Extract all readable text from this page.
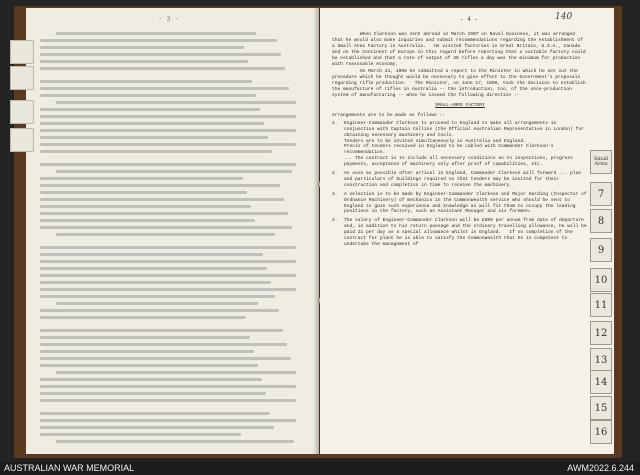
- 3 -	- 4 -	140

When Clarkson was sent abroad in March 1907 on Naval business, it was arranged that he would also make inquiries and submit recommendations regarding the establishment of a Small Arms Factory in Australia.   He visited factories in Great Britain, U.S.A., Canada and on the Continent of Europe in this regard before reporting that a suitable factory could be established and that a rate of output of 30 rifles a day was the minimum for production with reasonable economy.

On March 31, 1908 he submitted a report to the Minister in which he set out the procedure which he thought would be necessary to give effect to the Government's proposals regarding rifle production.   The Minister, on June 17, 1908, took the decision to establish the manufacture of rifles in Australia -- the introduction, too, of the once-production system of manufacturing -- when he issued the following direction :-

SMALL-ARMS FACTORY

Arrangements are to be made as follows :-

1. Engineer-Commander Clarkson to proceed to England to make all arrangements in conjunction with Captain Collins (the Official Australian Representative in London) for obtaining necessary machinery and tools.
Tenders are to be invited simultaneously in Australia and England.
Precis of tenders received in England to be cabled with Commander Clarkson's recommendation.
... The contract is to include all necessary conditions as to inspections, progress payments, acceptance of machinery only after proof of capabilities, etc.

2. As soon as possible after arrival in England, Commander Clarkson will forward ... plan and particulars of buildings required so that tenders may be invited for their construction and completion in time to receive the machinery.

3. A selection is to be made by Engineer-Commander Clarkson and Major Harding (Inspector of Ordnance Machinery) of mechanics in the Commonwealth service who should be sent to England to gain such experience and knowledge as will fit them to occupy the leading positions in the factory, such as Assistant Manager and six foremen.

4. The salary of Engineer-Commander Clarkson will be £600 per annum from date of departure and, in addition to his return passage and the ordinary travelling allowance, he will be paid 21 per day as a special allowance whilst in England.   If on completion of the contract for plant he is able to satisfy the Commonwealth that he is competent to undertake the management of

Small Arms
7
8
9
10
11
12
13
14
15
16
AUSTRALIAN WAR MEMORIAL	AWM2022.6.244
